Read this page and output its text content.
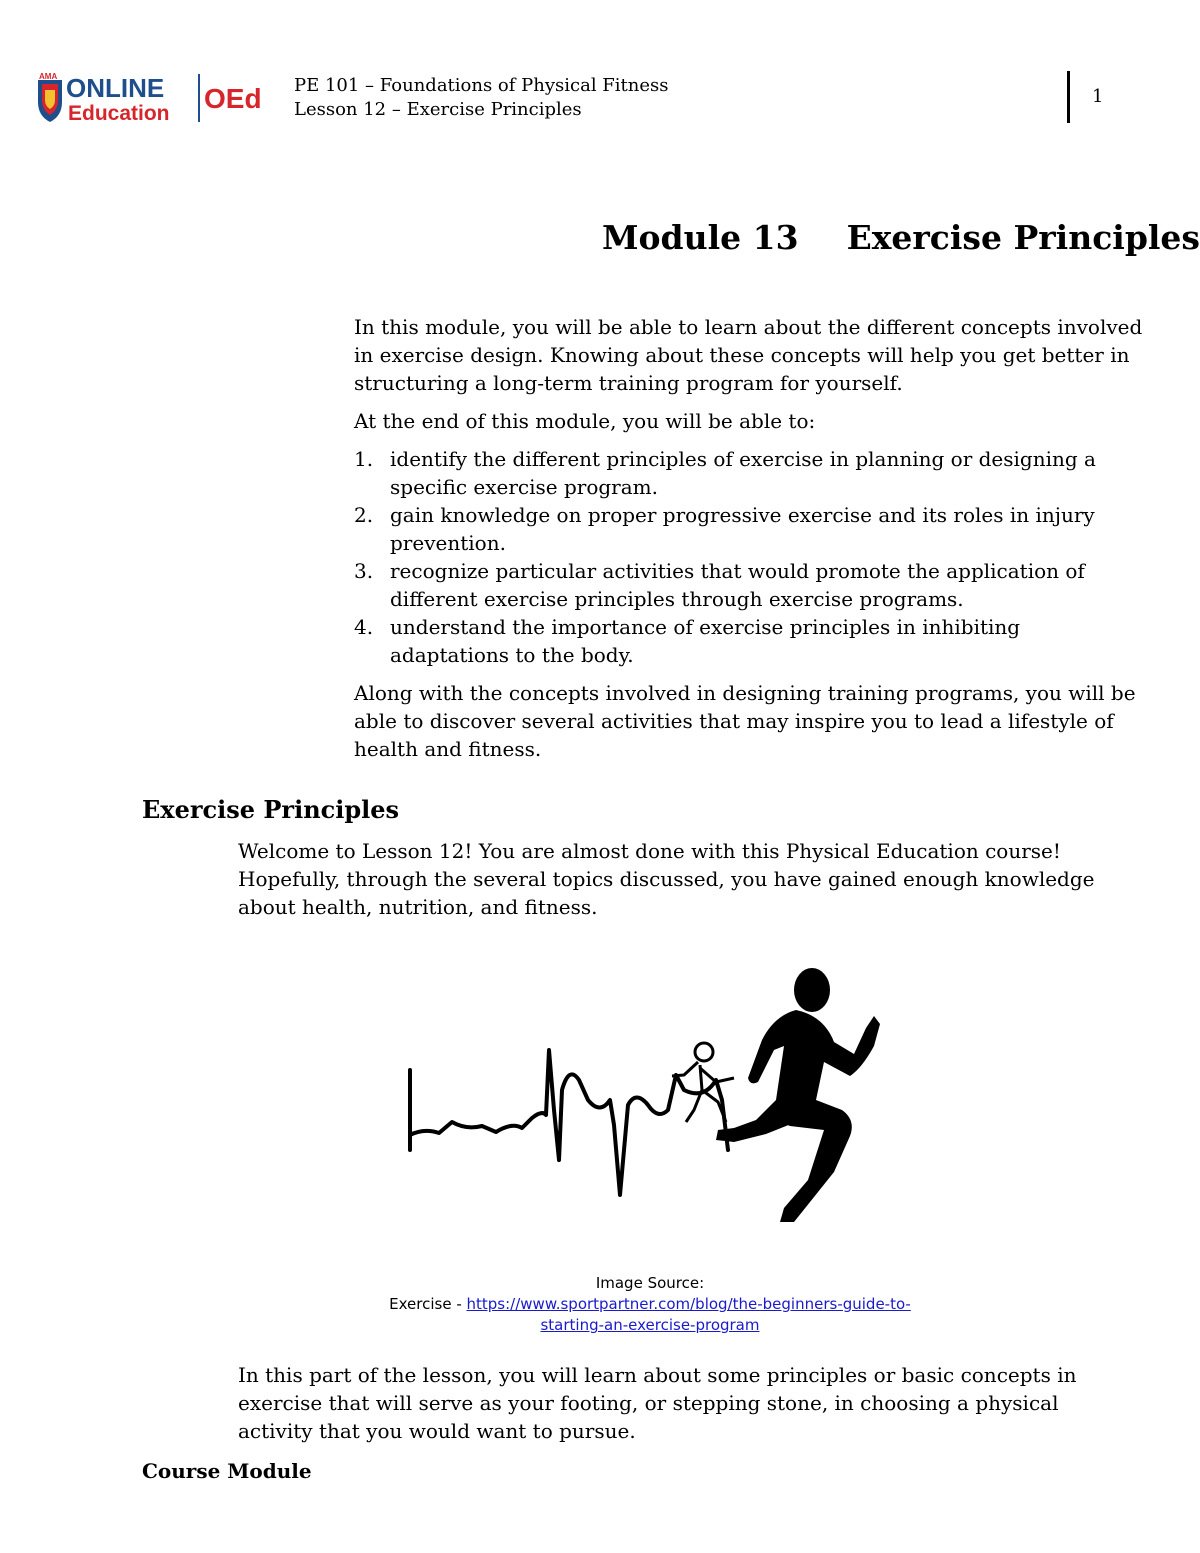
AMA ONLINE
Education OEd PE 101 – Foundations of Physical Fitness
Lesson 12 – Exercise Principles
1
Module 13 Exercise Principles

In this module, you will be able to learn about the different concepts involved in exercise design. Knowing about these concepts will help you get better in structuring a long-term training program for yourself.

At the end of this module, you will be able to:

1. identify the different principles of exercise in planning or designing a specific exercise program.
2. gain knowledge on proper progressive exercise and its roles in injury prevention.
3. recognize particular activities that would promote the application of different exercise principles through exercise programs.
4. understand the importance of exercise principles in inhibiting adaptations to the body.

Along with the concepts involved in designing training programs, you will be able to discover several activities that may inspire you to lead a lifestyle of health and fitness.

Exercise Principles

Welcome to Lesson 12! You are almost done with this Physical Education course! Hopefully, through the several topics discussed, you have gained enough knowledge about health, nutrition, and fitness.

Image Source:
Exercise - https://www.sportpartner.com/blog/the-beginners-guide-to-starting-an-exercise-program

In this part of the lesson, you will learn about some principles or basic concepts in exercise that will serve as your footing, or stepping stone, in choosing a physical activity that you would want to pursue.

Course Module
